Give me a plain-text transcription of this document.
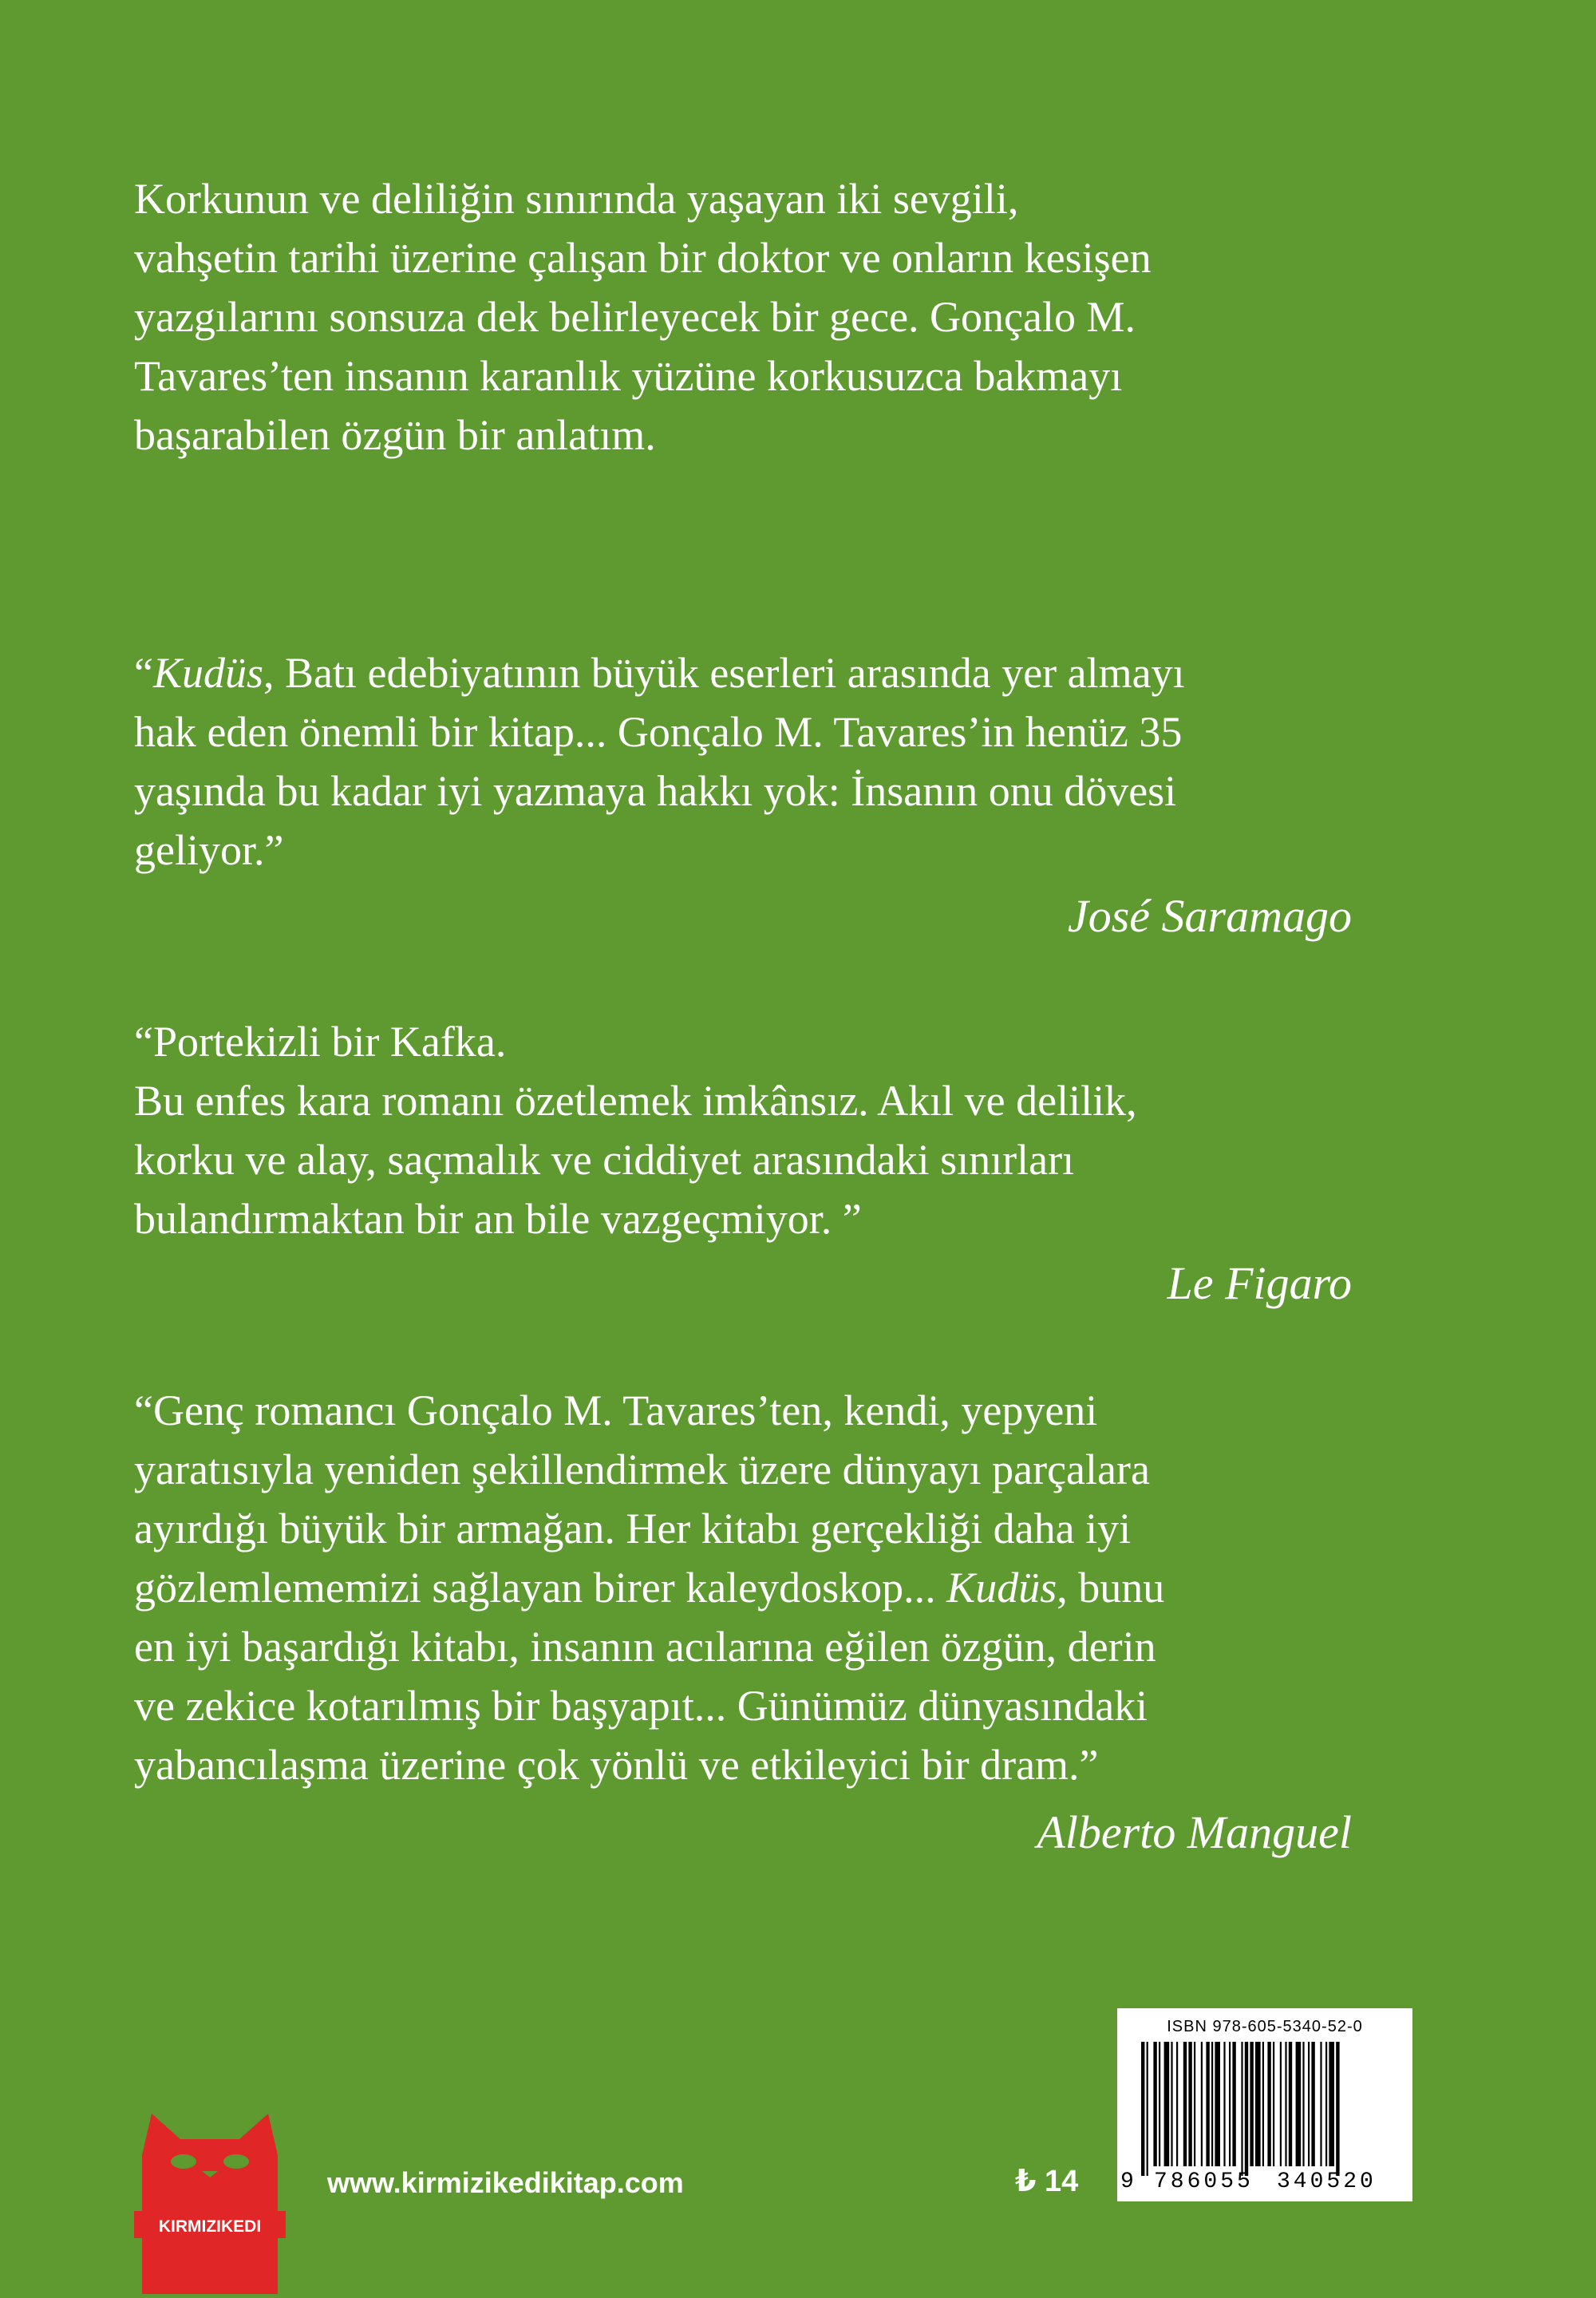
Korkunun ve deliliğin sınırında yaşayan iki sevgili,
vahşetin tarihi üzerine çalışan bir doktor ve onların kesişen
yazgılarını sonsuza dek belirleyecek bir gece. Gonçalo M.
Tavares’ten insanın karanlık yüzüne korkusuzca bakmayı
başarabilen özgün bir anlatım.
“Kudüs, Batı edebiyatının büyük eserleri arasında yer almayı
hak eden önemli bir kitap... Gonçalo M. Tavares’in henüz 35
yaşında bu kadar iyi yazmaya hakkı yok: İnsanın onu dövesi
geliyor.”
José Saramago
“Portekizli bir Kafka.
Bu enfes kara romanı özetlemek imkânsız. Akıl ve delilik,
korku ve alay, saçmalık ve ciddiyet arasındaki sınırları
bulandırmaktan bir an bile vazgeçmiyor. ”
Le Figaro
“Genç romancı Gonçalo M. Tavares’ten, kendi, yepyeni
yaratısıyla yeniden şekillendirmek üzere dünyayı parçalara
ayırdığı büyük bir armağan. Her kitabı gerçekliği daha iyi
gözlemlememizi sağlayan birer kaleydoskop... Kudüs, bunu
en iyi başardığı kitabı, insanın acılarına eğilen özgün, derin
ve zekice kotarılmış bir başyapıt... Günümüz dünyasındaki
yabancılaşma üzerine çok yönlü ve etkileyici bir dram.”
Alberto Manguel
KIRMIZIKEDI
www.kirmizikedikitap.com	₺ 14
ISBN 978-605-5340-52-0
9 786055 340520
